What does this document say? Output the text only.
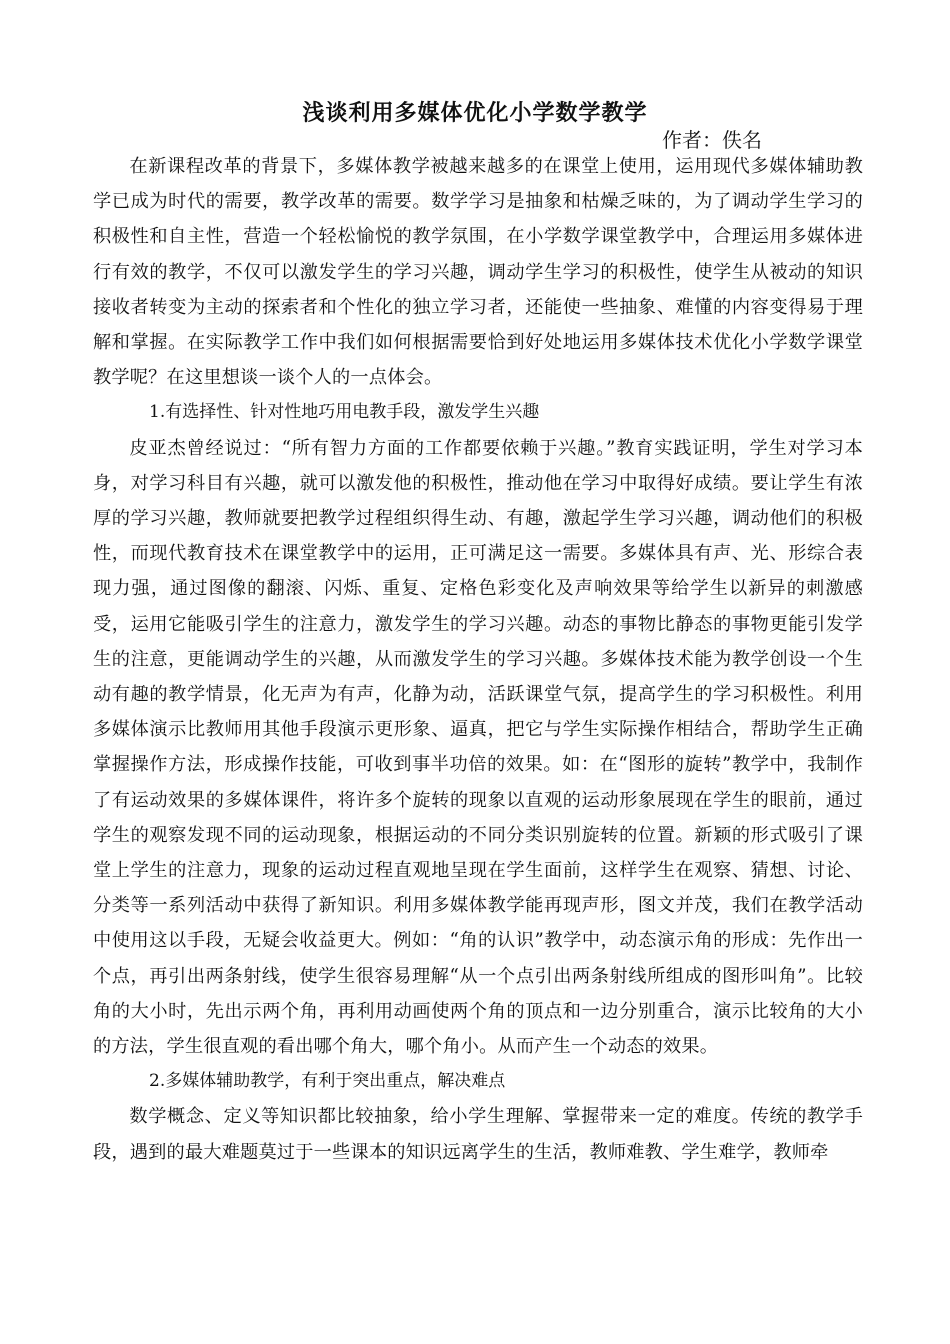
浅谈利用多媒体优化小学数学教学
作者：佚名

在新课程改革的背景下，多媒体教学被越来越多的在课堂上使用，运用现代多媒体辅助教学已成为时代的需要，教学改革的需要。数学学习是抽象和枯燥乏味的，为了调动学生学习的积极性和自主性，营造一个轻松愉悦的教学氛围，在小学数学课堂教学中，合理运用多媒体进行有效的教学，不仅可以激发学生的学习兴趣，调动学生学习的积极性，使学生从被动的知识接收者转变为主动的探索者和个性化的独立学习者，还能使一些抽象、难懂的内容变得易于理解和掌握。在实际教学工作中我们如何根据需要恰到好处地运用多媒体技术优化小学数学课堂教学呢？在这里想谈一谈个人的一点体会。

1.有选择性、针对性地巧用电教手段，激发学生兴趣

皮亚杰曾经说过：“所有智力方面的工作都要依赖于兴趣。”教育实践证明，学生对学习本身，对学习科目有兴趣，就可以激发他的积极性，推动他在学习中取得好成绩。要让学生有浓厚的学习兴趣，教师就要把教学过程组织得生动、有趣，激起学生学习兴趣，调动他们的积极性，而现代教育技术在课堂教学中的运用，正可满足这一需要。多媒体具有声、光、形综合表现力强，通过图像的翻滚、闪烁、重复、定格色彩变化及声响效果等给学生以新异的刺激感受，运用它能吸引学生的注意力，激发学生的学习兴趣。动态的事物比静态的事物更能引发学生的注意，更能调动学生的兴趣，从而激发学生的学习兴趣。多媒体技术能为教学创设一个生动有趣的教学情景，化无声为有声，化静为动，活跃课堂气氛，提高学生的学习积极性。利用多媒体演示比教师用其他手段演示更形象、逼真，把它与学生实际操作相结合，帮助学生正确掌握操作方法，形成操作技能，可收到事半功倍的效果。如：在“图形的旋转”教学中，我制作了有运动效果的多媒体课件，将许多个旋转的现象以直观的运动形象展现在学生的眼前，通过学生的观察发现不同的运动现象，根据运动的不同分类识别旋转的位置。新颖的形式吸引了课堂上学生的注意力，现象的运动过程直观地呈现在学生面前，这样学生在观察、猜想、讨论、分类等一系列活动中获得了新知识。利用多媒体教学能再现声形，图文并茂，我们在教学活动中使用这以手段，无疑会收益更大。例如：“角的认识”教学中，动态演示角的形成：先作出一个点，再引出两条射线，使学生很容易理解“从一个点引出两条射线所组成的图形叫角”。比较角的大小时，先出示两个角，再利用动画使两个角的顶点和一边分别重合，演示比较角的大小的方法，学生很直观的看出哪个角大，哪个角小。从而产生一个动态的效果。

2.多媒体辅助教学，有利于突出重点，解决难点

数学概念、定义等知识都比较抽象，给小学生理解、掌握带来一定的难度。传统的教学手段，遇到的最大难题莫过于一些课本的知识远离学生的生活，教师难教、学生难学，教师牵
